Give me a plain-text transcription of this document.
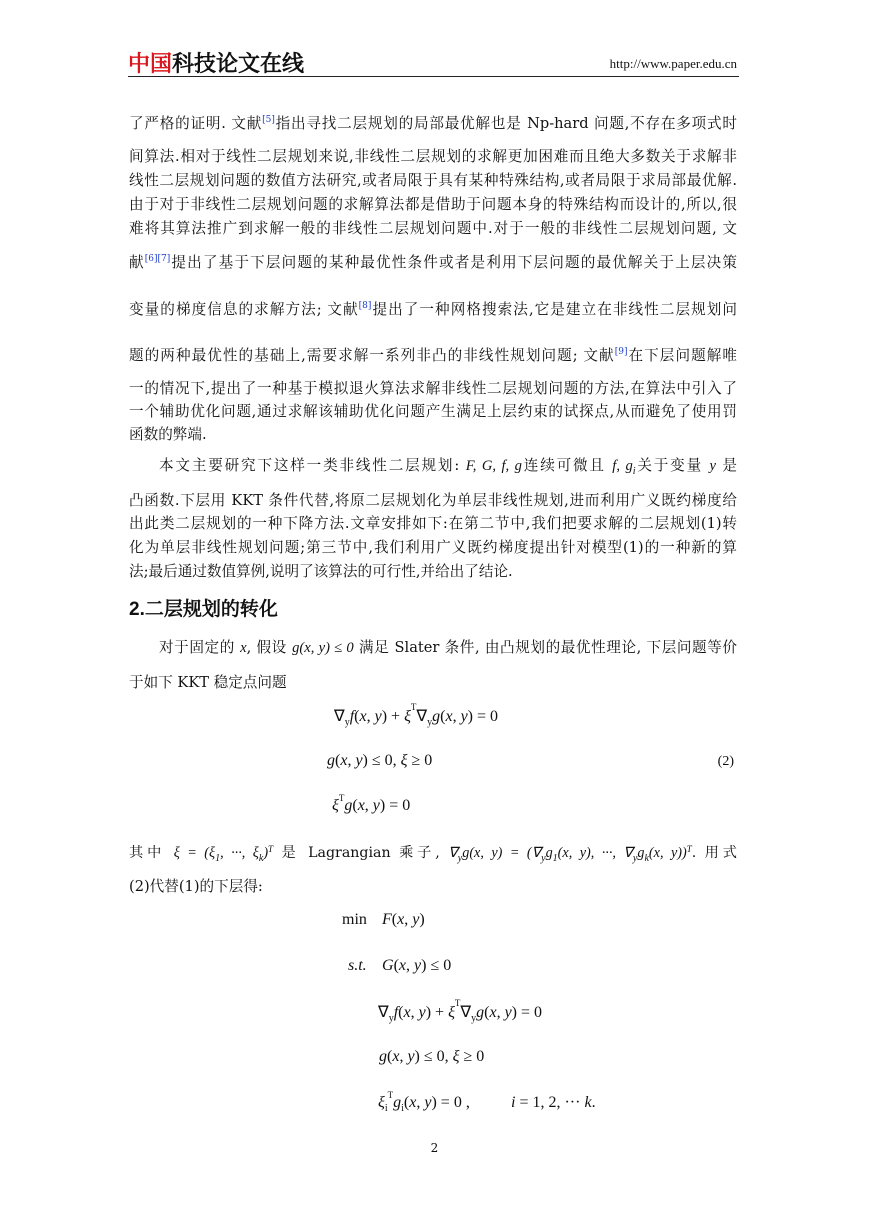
中国科技论文在线	http://www.paper.edu.cn
了严格的证明. 文献[5]指出寻找二层规划的局部最优解也是 Np-hard 问题,不存在多项式时
间算法.相对于线性二层规划来说,非线性二层规划的求解更加困难而且绝大多数关于求解非
线性二层规划问题的数值方法研究,或者局限于具有某种特殊结构,或者局限于求局部最优解.
由于对于非线性二层规划问题的求解算法都是借助于问题本身的特殊结构而设计的,所以,很
难将其算法推广到求解一般的非线性二层规划问题中.对于一般的非线性二层规划问题, 文
献[6][7]提出了基于下层问题的某种最优性条件或者是利用下层问题的最优解关于上层决策
变量的梯度信息的求解方法; 文献[8]提出了一种网格搜索法,它是建立在非线性二层规划问
题的两种最优性的基础上,需要求解一系列非凸的非线性规划问题; 文献[9]在下层问题解唯
一的情况下,提出了一种基于模拟退火算法求解非线性二层规划问题的方法,在算法中引入了
一个辅助优化问题,通过求解该辅助优化问题产生满足上层约束的试探点,从而避免了使用罚
函数的弊端.
本文主要研究下这样一类非线性二层规划: F, G, f, g连续可微且 f, $g_i$关于变量 y 是
凸函数.下层用 KKT 条件代替,将原二层规划化为单层非线性规划,进而利用广义既约梯度给
出此类二层规划的一种下降方法.文章安排如下:在第二节中,我们把要求解的二层规划(1)转
化为单层非线性规划问题;第三节中,我们利用广义既约梯度提出针对模型(1)的一种新的算
法;最后通过数值算例,说明了该算法的可行性,并给出了结论.
2.二层规划的转化
对于固定的 x, 假设 g(x, y) ≤ 0 满足 Slater 条件, 由凸规划的最优性理论, 下层问题等价
于如下 KKT 稳定点问题
$\nabla_yf(x$, $y) + \xi^T\nabla_yg(x$, y) = 0
g(x, y) ≤ 0, ξ ≥ 0	(2)
$\xi^Tg(x$, y) = 0
其中 $\xi = (\xi_1$, ···, $\xi_k)^T$ 是 Lagrangian 乘子, $\nabla_yg(x$, $y) = (\nabla_yg_1(x$, y), ···, $\nabla_yg_k(x$, y))$^T$. 用式
(2)代替(1)的下层得:
min F(x, y)
s.t. G(x, y) ≤ 0
$\nabla_yf(x$, $y) + \xi^T\nabla_yg(x$, y) = 0
g(x, y) ≤ 0, ξ ≥ 0
$\xi_i^Tg_i(x$, y) = 0 ,	i = 1, 2, ··· k.
2
